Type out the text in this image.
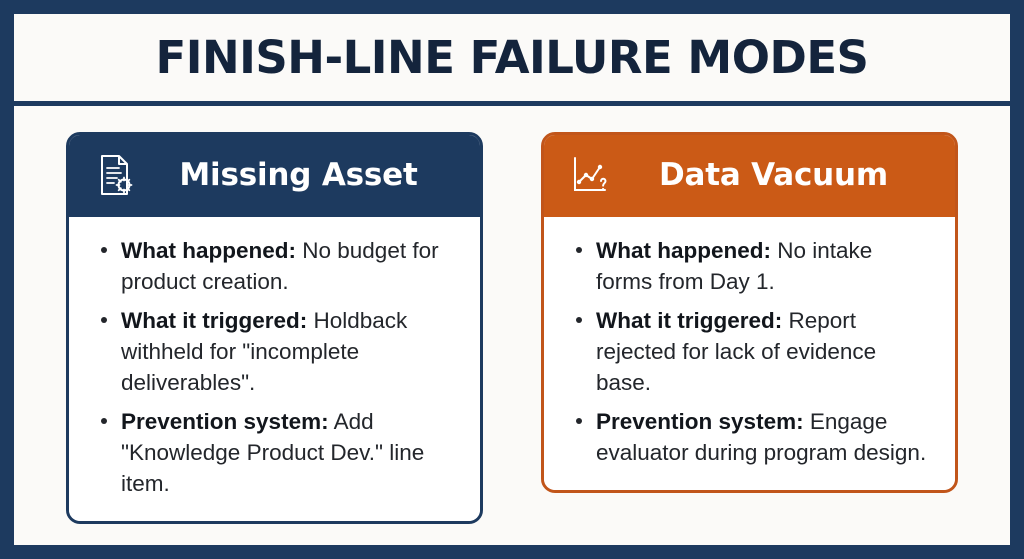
FINISH-LINE FAILURE MODES
Missing Asset
What happened: No budget for product creation.
What it triggered: Holdback withheld for "incomplete deliverables".
Prevention system: Add "Knowledge Product Dev." line item.
Data Vacuum
What happened: No intake forms from Day 1.
What it triggered: Report rejected for lack of evidence base.
Prevention system: Engage evaluator during program design.
